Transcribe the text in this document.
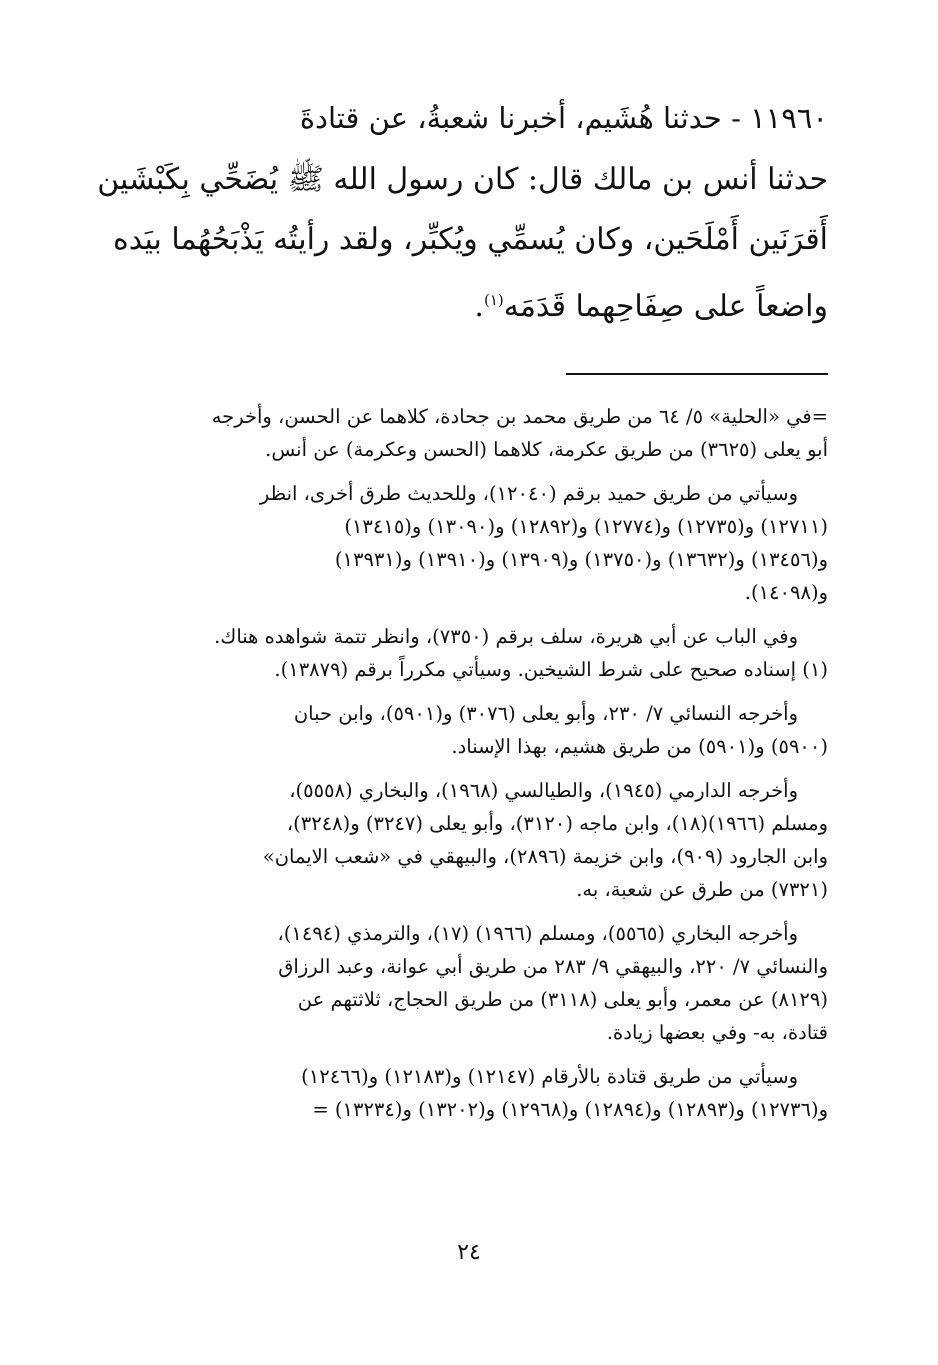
١١٩٦٠ - حدثنا هُشَيم، أخبرنا شعبةُ، عن قتادةَ
حدثنا أنس بن مالك قال: كان رسول الله ﷺ يُضَحِّي بِكَبْشَين
أَقرَنَين أَمْلَحَين، وكان يُسمِّي ويُكبِّر، ولقد رأيتُه يَذْبَحُهُما بيَده
واضعاً على صِفَاحِهما قَدَمَه$^{(١)}$.
=في «الحلية» ٥/ ٦٤ من طريق محمد بن جحادة، كلاهما عن الحسن، وأخرجه
أبو يعلى (٣٦٢٥) من طريق عكرمة، كلاهما (الحسن وعكرمة) عن أنس.
وسيأتي من طريق حميد برقم (١٢٠٤٠)، وللحديث طرق أخرى، انظر
(١٢٧١١) و(١٢٧٣٥) و(١٢٧٧٤) و(١٢٨٩٢) و(١٣٠٩٠) و(١٣٤١٥)
و(١٣٤٥٦) و(١٣٦٣٢) و(١٣٧٥٠) و(١٣٩٠٩) و(١٣٩١٠) و(١٣٩٣١)
و(١٤٠٩٨).
وفي الباب عن أبي هريرة، سلف برقم (٧٣٥٠)، وانظر تتمة شواهده هناك.
(١) إسناده صحيح على شرط الشيخين. وسيأتي مكرراً برقم (١٣٨٧٩).
وأخرجه النسائي ٧/ ٢٣٠، وأبو يعلى (٣٠٧٦) و(٥٩٠١)، وابن حبان
(٥٩٠٠) و(٥٩٠١) من طريق هشيم، بهذا الإسناد.
وأخرجه الدارمي (١٩٤٥)، والطيالسي (١٩٦٨)، والبخاري (٥٥٥٨)،
ومسلم (١٩٦٦)(١٨)، وابن ماجه (٣١٢٠)، وأبو يعلى (٣٢٤٧) و(٣٢٤٨)،
وابن الجارود (٩٠٩)، وابن خزيمة (٢٨٩٦)، والبيهقي في «شعب الايمان»
(٧٣٢١) من طرق عن شعبة، به.
وأخرجه البخاري (٥٥٦٥)، ومسلم (١٩٦٦) (١٧)، والترمذي (١٤٩٤)،
والنسائي ٧/ ٢٢٠، والبيهقي ٩/ ٢٨٣ من طريق أبي عوانة، وعبد الرزاق
(٨١٢٩) عن معمر، وأبو يعلى (٣١١٨) من طريق الحجاج، ثلاثتهم عن
قتادة، به- وفي بعضها زيادة.
وسيأتي من طريق قتادة بالأرقام (١٢١٤٧) و(١٢١٨٣) و(١٢٤٦٦)
و(١٢٧٣٦) و(١٢٨٩٣) و(١٢٨٩٤) و(١٢٩٦٨) و(١٣٢٠٢) و(١٣٢٣٤) =
٢٤
